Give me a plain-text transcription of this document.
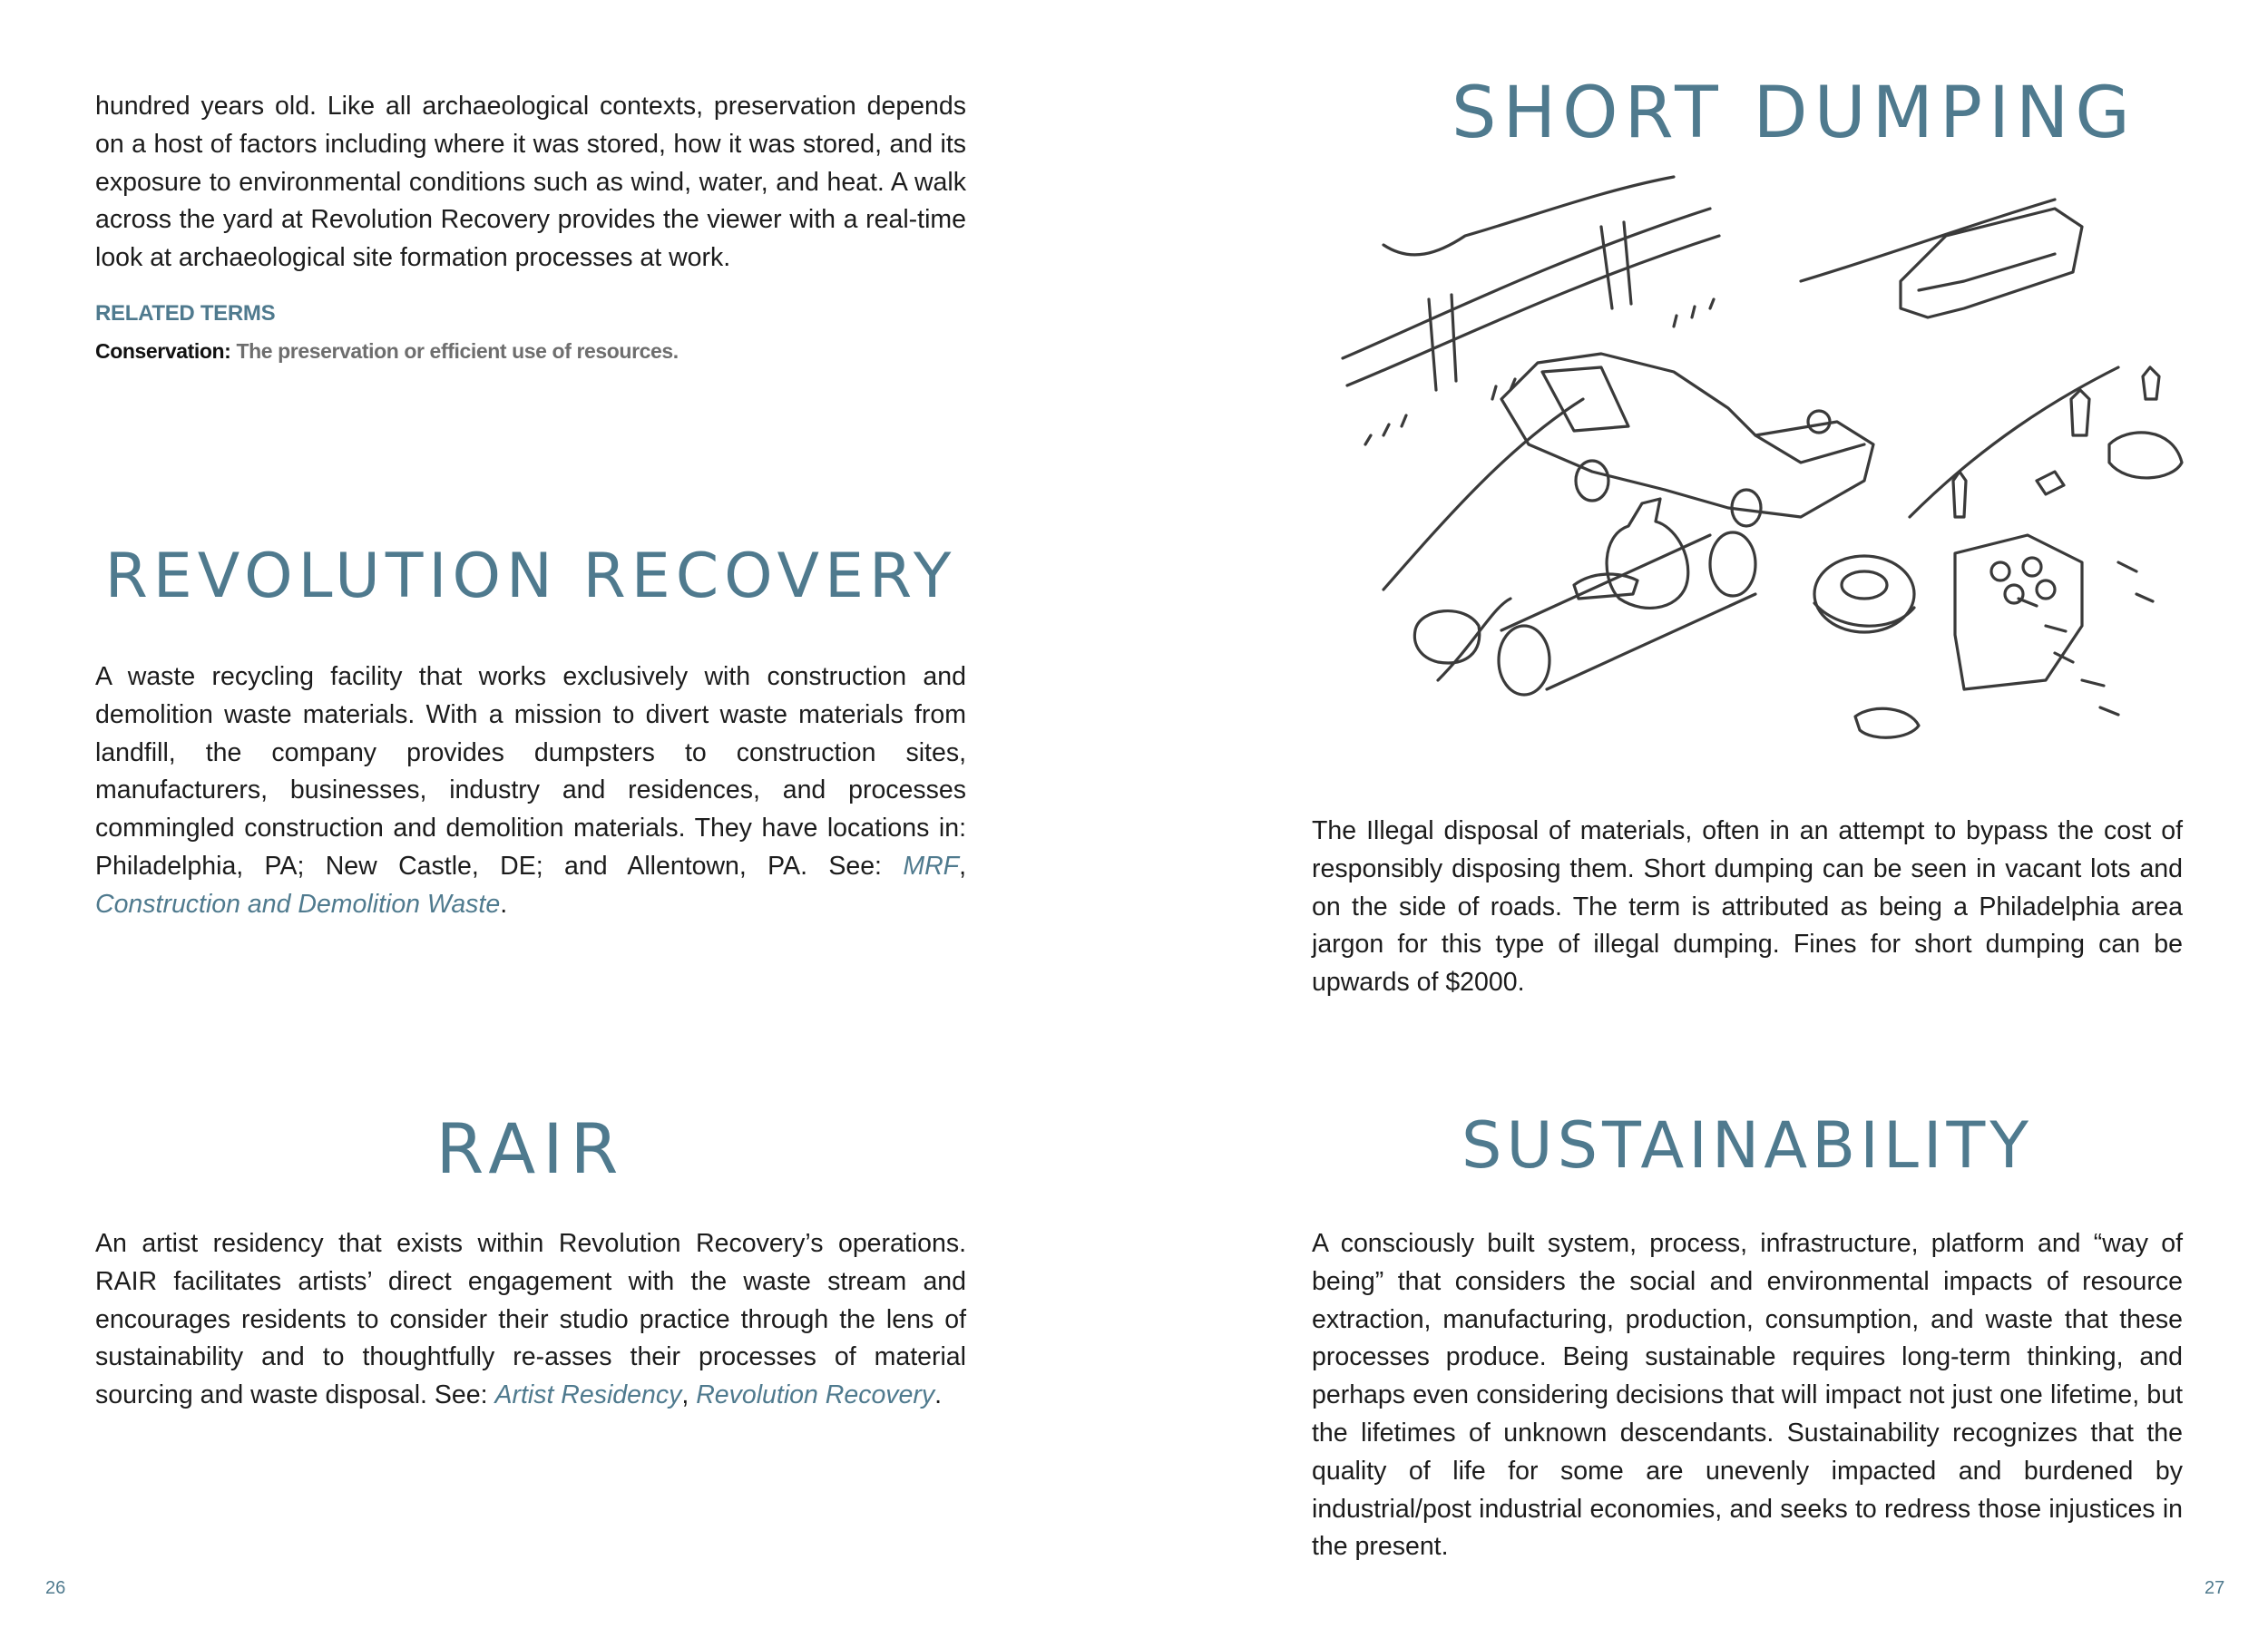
hundred years old. Like all archaeological contexts, preservation depends on a host of factors including where it was stored, how it was stored, and its exposure to environmental conditions such as wind, water, and heat. A walk across the yard at Revolution Recovery provides the viewer with a real-time look at archaeological site formation processes at work.

RELATED TERMS

Conservation: The preservation or efficient use of resources.

REVOLUTION RECOVERY

A waste recycling facility that works exclusively with construction and demolition waste materials. With a mission to divert waste materials from landfill, the company provides dumpsters to construction sites, manufacturers, businesses, industry and residences, and processes commingled construction and demolition materials. They have locations in: Philadelphia, PA; New Castle, DE; and Allentown, PA. See: MRF, Construction and Demolition Waste.

RAIR

An artist residency that exists within Revolution Recovery’s operations. RAIR facilitates artists’ direct engagement with the waste stream and encourages residents to consider their studio practice through the lens of sustainability and to thoughtfully re-asses their processes of material sourcing and waste disposal. See: Artist Residency, Revolution Recovery.

26
SHORT DUMPING

The Illegal disposal of materials, often in an attempt to bypass the cost of responsibly disposing them. Short dumping can be seen in vacant lots and on the side of roads. The term is attributed as being a Philadelphia area jargon for this type of illegal dumping. Fines for short dumping can be upwards of $2000.

SUSTAINABILITY

A consciously built system, process, infrastructure, platform and “way of being” that considers the social and environmental impacts of resource extraction, manufacturing, production, consumption, and waste that these processes produce. Being sustainable requires long-term thinking, and perhaps even considering decisions that will impact not just one lifetime, but the lifetimes of unknown descendants. Sustainability recognizes that the quality of life for some are unevenly impacted and burdened by industrial/post industrial economies, and seeks to redress those injustices in the present.

27
